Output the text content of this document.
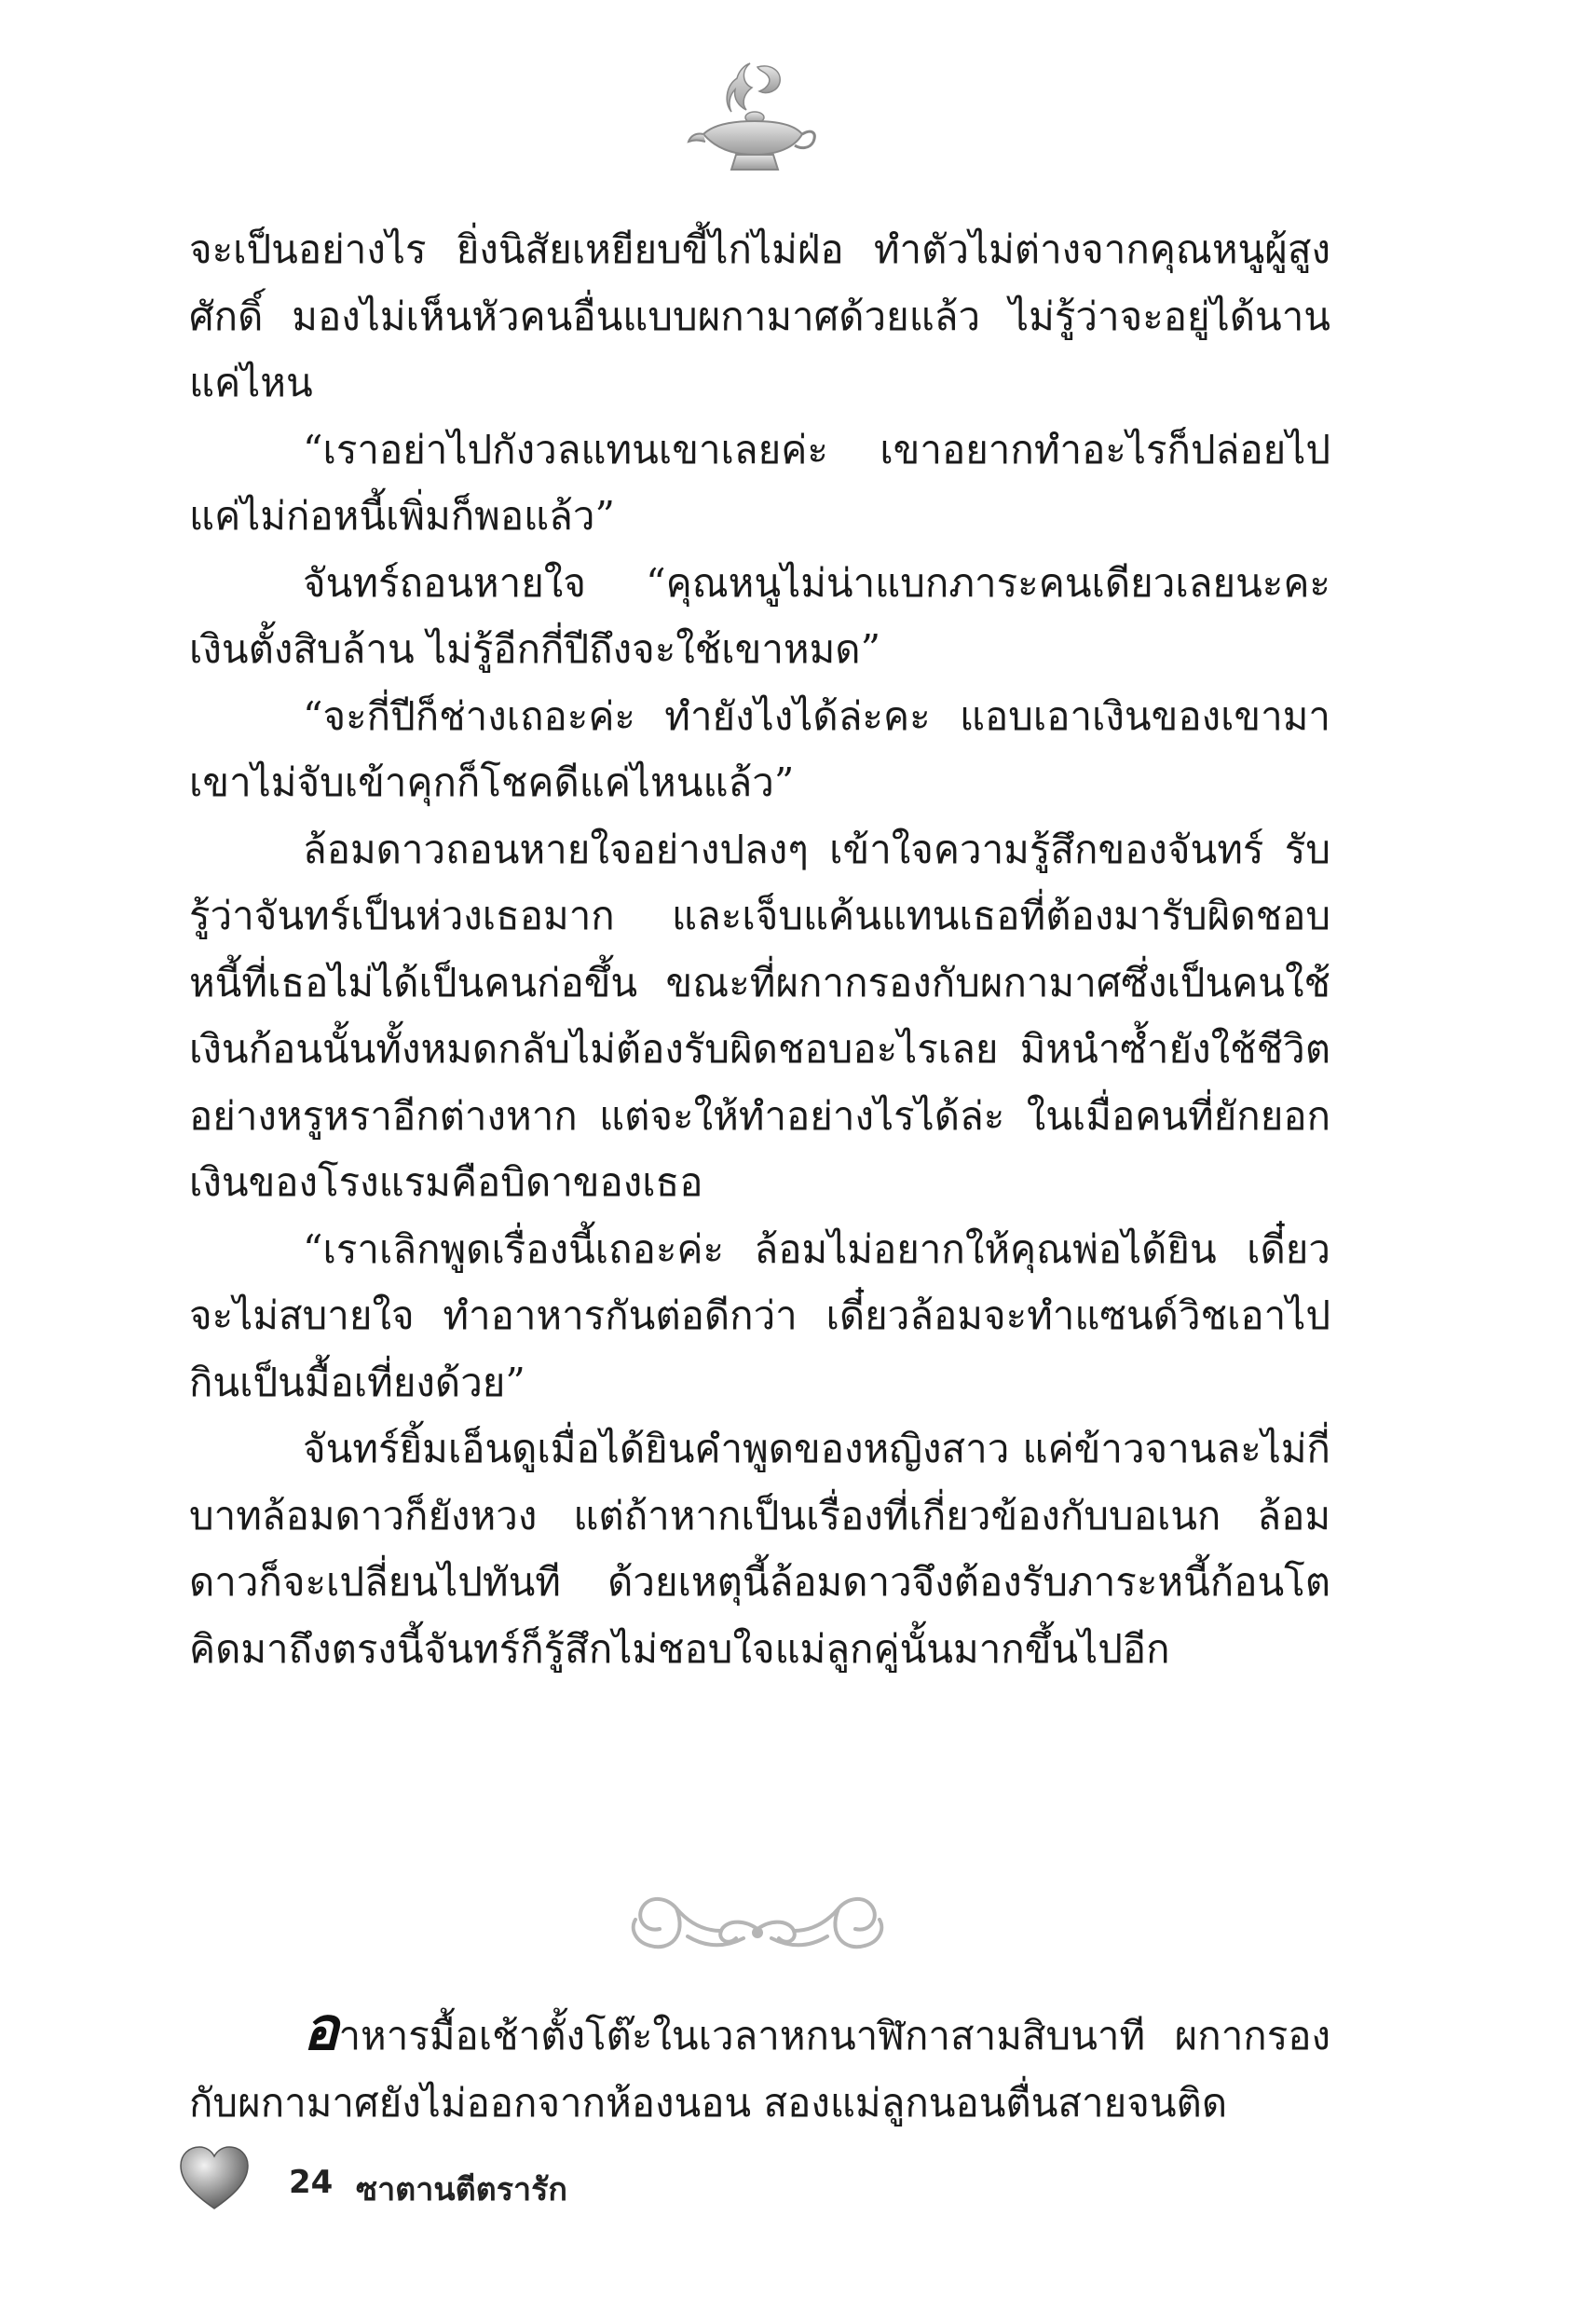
จะเป็นอย่างไร ยิ่งนิสัยเหยียบขี้ไก่ไม่ฝ่อ ทำตัวไม่ต่างจากคุณหนูผู้สูงศักดิ์ มองไม่เห็นหัวคนอื่นแบบผกามาศด้วยแล้ว ไม่รู้ว่าจะอยู่ได้นานแค่ไหน

“เราอย่าไปกังวลแทนเขาเลยค่ะ เขาอยากทำอะไรก็ปล่อยไป แค่ไม่ก่อหนี้เพิ่มก็พอแล้ว”

จันทร์ถอนหายใจ “คุณหนูไม่น่าแบกภาระคนเดียวเลยนะคะ เงินตั้งสิบล้าน ไม่รู้อีกกี่ปีถึงจะใช้เขาหมด”

“จะกี่ปีก็ช่างเถอะค่ะ ทำยังไงได้ล่ะคะ แอบเอาเงินของเขามา เขาไม่จับเข้าคุกก็โชคดีแค่ไหนแล้ว”

ล้อมดาวถอนหายใจอย่างปลงๆ เข้าใจความรู้สึกของจันทร์ รับรู้ว่าจันทร์เป็นห่วงเธอมาก และเจ็บแค้นแทนเธอที่ต้องมารับผิดชอบหนี้ที่เธอไม่ได้เป็นคนก่อขึ้น ขณะที่ผกากรองกับผกามาศซึ่งเป็นคนใช้เงินก้อนนั้นทั้งหมดกลับไม่ต้องรับผิดชอบอะไรเลย มิหนำซ้ำยังใช้ชีวิตอย่างหรูหราอีกต่างหาก แต่จะให้ทำอย่างไรได้ล่ะ ในเมื่อคนที่ยักยอกเงินของโรงแรมคือบิดาของเธอ

“เราเลิกพูดเรื่องนี้เถอะค่ะ ล้อมไม่อยากให้คุณพ่อได้ยิน เดี๋ยวจะไม่สบายใจ ทำอาหารกันต่อดีกว่า เดี๋ยวล้อมจะทำแซนด์วิชเอาไปกินเป็นมื้อเที่ยงด้วย”

จันทร์ยิ้มเอ็นดูเมื่อได้ยินคำพูดของหญิงสาว แค่ข้าวจานละไม่กี่บาทล้อมดาวก็ยังหวง แต่ถ้าหากเป็นเรื่องที่เกี่ยวข้องกับบอเนก ล้อมดาวก็จะเปลี่ยนไปทันที ด้วยเหตุนี้ล้อมดาวจึงต้องรับภาระหนี้ก้อนโต คิดมาถึงตรงนี้จันทร์ก็รู้สึกไม่ชอบใจแม่ลูกคู่นั้นมากขึ้นไปอีก

อาหารมื้อเช้าตั้งโต๊ะในเวลาหกนาฬิกาสามสิบนาที ผกากรองกับผกามาศยังไม่ออกจากห้องนอน สองแม่ลูกนอนตื่นสายจนติด

24 ซาตานตีตรารัก
